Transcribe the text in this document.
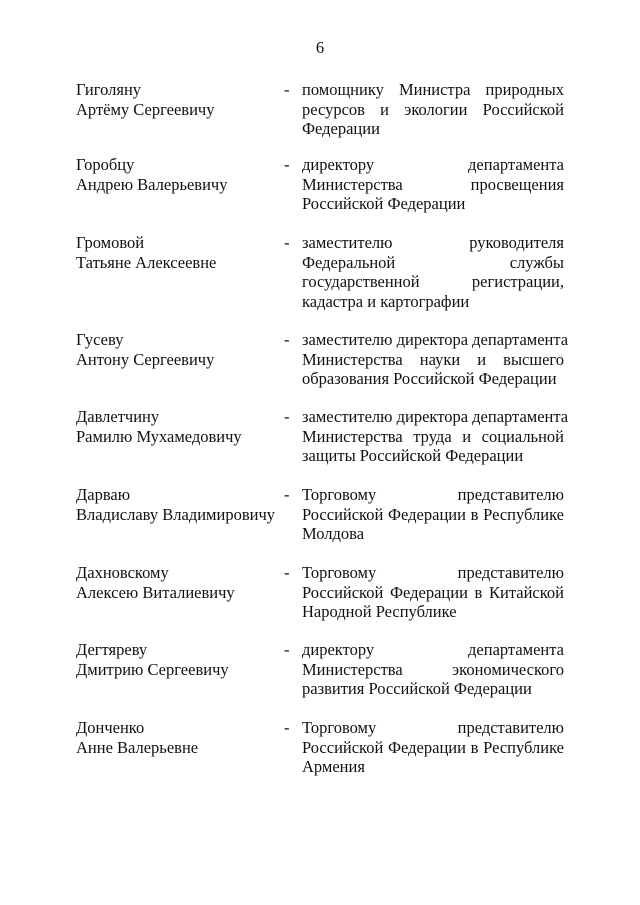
6
Гиголяну
Артёму Сергеевичу
- помощнику Министра природных
ресурсов и экологии Российской
Федерации
Горобцу
Андрею Валерьевичу
- директору департамента
Министерства просвещения
Российской Федерации
Громовой
Татьяне Алексеевне
- заместителю руководителя
Федеральной службы
государственной регистрации,
кадастра и картографии
Гусеву
Антону Сергеевичу
- заместителю директора департамента
Министерства науки и высшего
образования Российской Федерации
Давлетчину
Рамилю Мухамедовичу
- заместителю директора департамента
Министерства труда и социальной
защиты Российской Федерации
Дарваю
Владиславу Владимировичу
- Торговому представителю
Российской Федерации в Республике
Молдова
Дахновскому
Алексею Виталиевичу
- Торговому представителю
Российской Федерации в Китайской
Народной Республике
Дегтяреву
Дмитрию Сергеевичу
- директору департамента
Министерства экономического
развития Российской Федерации
Донченко
Анне Валерьевне
- Торговому представителю
Российской Федерации в Республике
Армения
